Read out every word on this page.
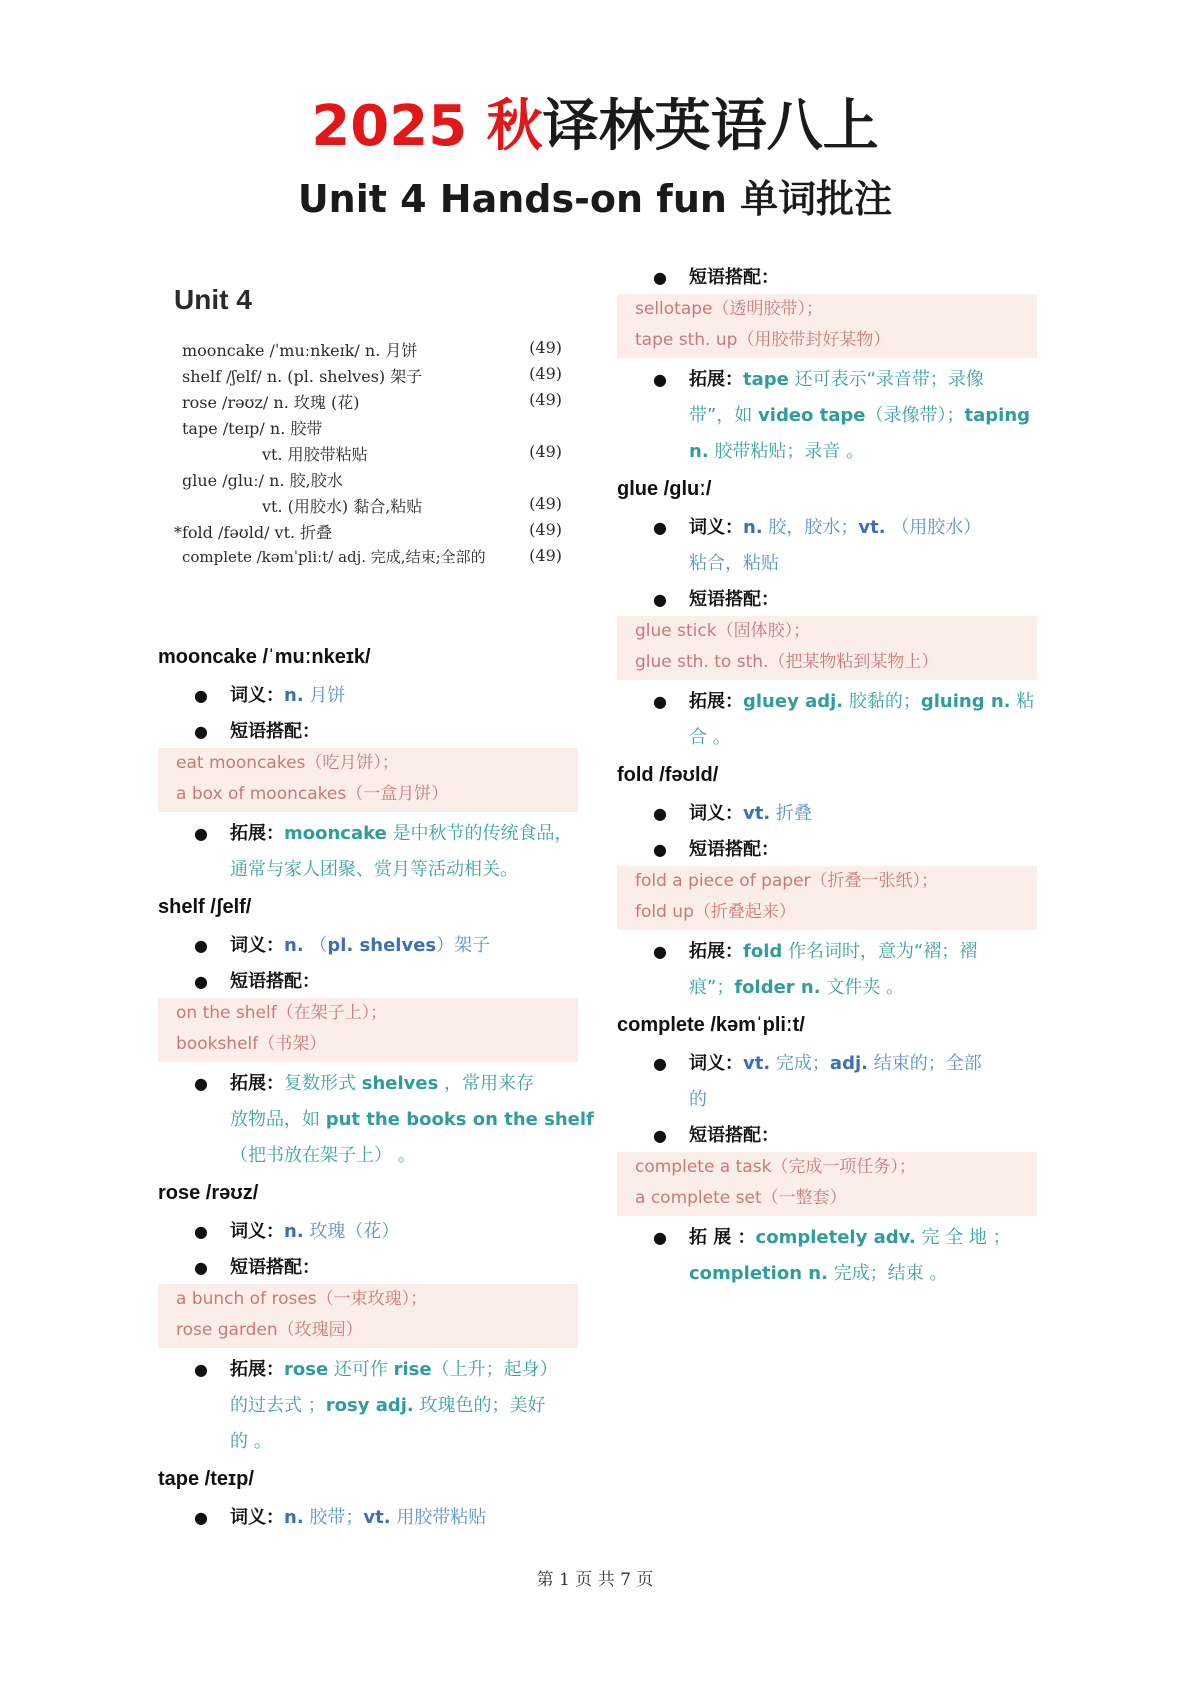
2025 秋译林英语八上
Unit 4 Hands-on fun 单词批注
Unit 4
mooncake /ˈmuːnkeɪk/ n. 月饼	(49)
shelf /ʃelf/ n. (pl. shelves) 架子	(49)
rose /rəʊz/ n. 玫瑰 (花)	(49)
tape /teɪp/ n. 胶带
vt. 用胶带粘贴	(49)
glue /gluː/ n. 胶,胶水
vt. (用胶水) 黏合,粘贴	(49)
*fold /fəʊld/ vt. 折叠	(49)
complete /kəmˈpliːt/ adj. 完成,结束;全部的	(49)
mooncake /ˈmuːnkeɪk/
● 词义：n. 月饼
● 短语搭配：
eat mooncakes（吃月饼）；
a box of mooncakes（一盒月饼）
● 拓展：mooncake 是中秋节的传统食品，
通常与家人团聚、赏月等活动相关。
shelf /ʃelf/
● 词义：n. （pl. shelves）架子
● 短语搭配：
on the shelf（在架子上）；
bookshelf（书架）
● 拓展：复数形式 shelves ，常用来存
放物品，如 put the books on the shelf
（把书放在架子上） 。
rose /rəʊz/
● 词义：n. 玫瑰（花）
● 短语搭配：
a bunch of roses（一束玫瑰）；
rose garden（玫瑰园）
● 拓展：rose 还可作 rise（上升；起身）
的过去式 ；rosy adj. 玫瑰色的；美好
的 。
tape /teɪp/
● 词义：n. 胶带；vt. 用胶带粘贴
● 短语搭配：
sellotape（透明胶带）；
tape sth. up（用胶带封好某物）
● 拓展：tape 还可表示“录音带；录像
带”，如 video tape（录像带）；taping
n. 胶带粘贴；录音 。
glue /gluː/
● 词义：n. 胶，胶水；vt. （用胶水）
粘合，粘贴
● 短语搭配：
glue stick（固体胶）；
glue sth. to sth.（把某物粘到某物上）
● 拓展：gluey adj. 胶黏的；gluing n. 粘
合 。
fold /fəʊld/
● 词义：vt. 折叠
● 短语搭配：
fold a piece of paper（折叠一张纸）；
fold up（折叠起来）
● 拓展：fold 作名词时，意为“褶；褶
痕”；folder n. 文件夹 。
complete /kəmˈpliːt/
● 词义：vt. 完成；adj. 结束的；全部
的
● 短语搭配：
complete a task（完成一项任务）；
a complete set（一整套）
● 拓 展 ：completely adv. 完 全 地 ；
completion n. 完成；结束 。
第 1 页 共 7 页
